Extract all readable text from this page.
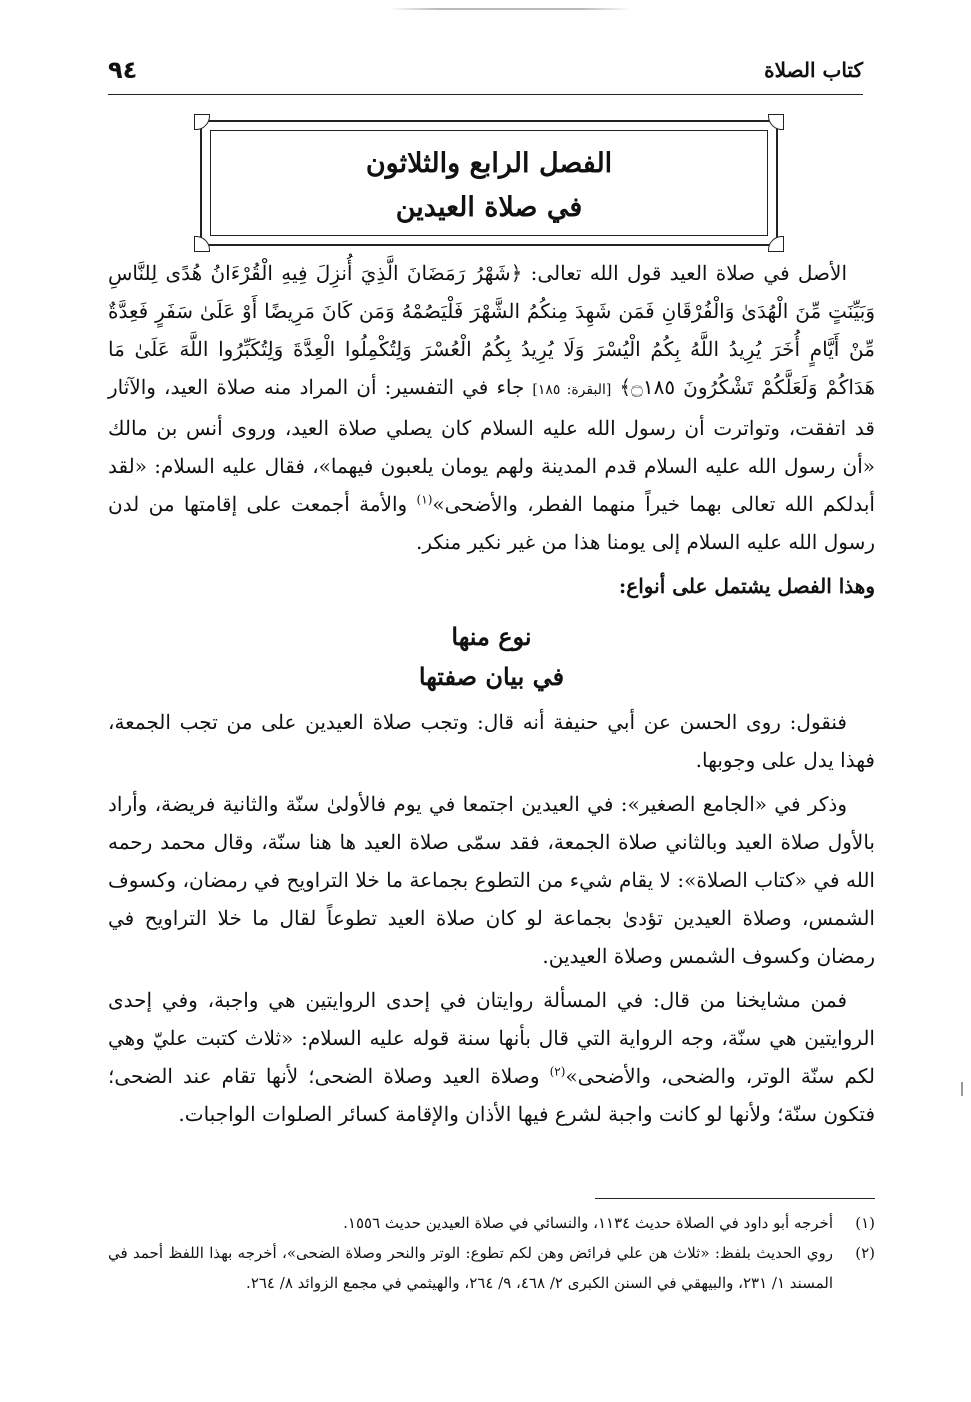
كتاب الصلاة
٩٤
الفصل الرابع والثلاثون
في صلاة العيدين

الأصل في صلاة العيد قول الله تعالى: ﴿شَهْرُ رَمَضَانَ الَّذِيَ أُنزِلَ فِيهِ الْقُرْءَانُ هُدًى لِلنَّاسِ وَبَيِّنَتٍ مِّنَ الْهُدَىٰ وَالْفُرْقَانِ فَمَن شَهِدَ مِنكُمُ الشَّهْرَ فَلْيَصُمْهُ وَمَن كَانَ مَرِيضًا أَوْ عَلَىٰ سَفَرٍ فَعِدَّةٌ مِّنْ أَيَّامٍ أُخَرَ يُرِيدُ اللَّهُ بِكُمُ الْيُسْرَ وَلَا يُرِيدُ بِكُمُ الْعُسْرَ وَلِتُكْمِلُوا الْعِدَّةَ وَلِتُكَبِّرُوا اللَّهَ عَلَىٰ مَا هَدَاكُمْ وَلَعَلَّكُمْ تَشْكُرُونَ ۝١٨٥﴾ [البقرة: ١٨٥] جاء في التفسير: أن المراد منه صلاة العيد، والآثار قد اتفقت، وتواترت أن رسول الله عليه السلام كان يصلي صلاة العيد، وروى أنس بن مالك «أن رسول الله عليه السلام قدم المدينة ولهم يومان يلعبون فيهما»، فقال عليه السلام: «لقد أبدلكم الله تعالى بهما خيراً منهما الفطر، والأضحى»$^{(١)}$ والأمة أجمعت على إقامتها من لدن رسول الله عليه السلام إلى يومنا هذا من غير نكير منكر.

وهذا الفصل يشتمل على أنواع:

نوع منها
في بيان صفتها

فنقول: روى الحسن عن أبي حنيفة أنه قال: وتجب صلاة العيدين على من تجب الجمعة، فهذا يدل على وجوبها.

وذكر في «الجامع الصغير»: في العيدين اجتمعا في يوم فالأولىٰ سنّة والثانية فريضة، وأراد بالأول صلاة العيد وبالثاني صلاة الجمعة، فقد سمّى صلاة العيد ها هنا سنّة، وقال محمد رحمه الله في «كتاب الصلاة»: لا يقام شيء من التطوع بجماعة ما خلا التراويح في رمضان، وكسوف الشمس، وصلاة العيدين تؤدىٰ بجماعة لو كان صلاة العيد تطوعاً لقال ما خلا التراويح في رمضان وكسوف الشمس وصلاة العيدين.

فمن مشايخنا من قال: في المسألة روايتان في إحدى الروايتين هي واجبة، وفي إحدى الروايتين هي سنّة، وجه الرواية التي قال بأنها سنة قوله عليه السلام: «ثلاث كتبت عليّ وهي لكم سنّة الوتر، والضحى، والأضحى»$^{(٢)}$ وصلاة العيد وصلاة الضحى؛ لأنها تقام عند الضحى؛ فتكون سنّة؛ ولأنها لو كانت واجبة لشرع فيها الأذان والإقامة كسائر الصلوات الواجبات.

(١)
أخرجه أبو داود في الصلاة حديث ١١٣٤، والنسائي في صلاة العيدين حديث ١٥٥٦.
(٢)
روي الحديث بلفظ: «ثلاث هن علي فرائض وهن لكم تطوع: الوتر والنحر وصلاة الضحى»، أخرجه بهذا اللفظ أحمد في المسند ١/ ٢٣١، والبيهقي في السنن الكبرى ٢/ ٤٦٨، ٩/ ٢٦٤، والهيثمي في مجمع الزوائد ٨/ ٢٦٤.
